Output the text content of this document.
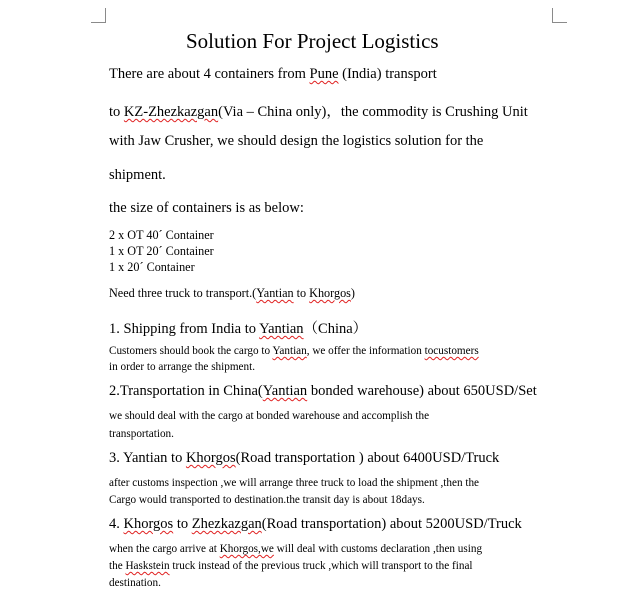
Solution For Project Logistics
There are about 4 containers from Pune (India) transport
to KZ-Zhezkazgan(Via – China only)，the commodity is Crushing Unit
with Jaw Crusher, we should design the logistics solution for the
shipment.
the size of containers is as below:
2 x OT 40´ Container
1 x OT 20´ Container
1 x 20´ Container
Need three truck to transport.(Yantian to Khorgos)
1. Shipping from India to Yantian（China）
Customers should book the cargo to Yantian, we offer the information tocustomers
in order to arrange the shipment.
2.Transportation in China(Yantian bonded warehouse) about 650USD/Set
we should deal with the cargo at bonded warehouse and accomplish the
transportation.
3. Yantian to Khorgos(Road transportation ) about 6400USD/Truck
after customs inspection ,we will arrange three truck to load the shipment ,then the
Cargo would transported to destination.the transit day is about 18days.
4. Khorgos to Zhezkazgan(Road transportation) about 5200USD/Truck
when the cargo arrive at Khorgos,we will deal with customs declaration ,then using
the Haskstein truck instead of the previous truck ,which will transport to the final
destination.
